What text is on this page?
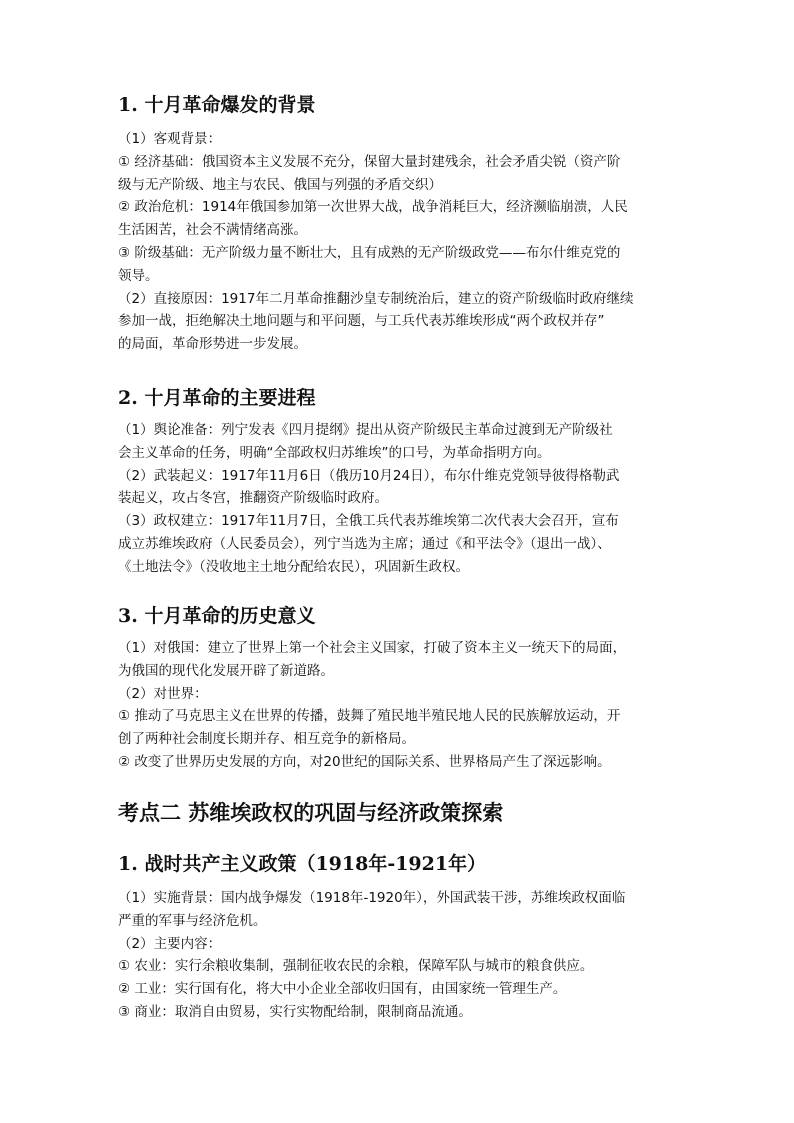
1. 十月革命爆发的背景
（1）客观背景：
① 经济基础：俄国资本主义发展不充分，保留大量封建残余，社会矛盾尖锐（资产阶
级与无产阶级、地主与农民、俄国与列强的矛盾交织）
② 政治危机：1914年俄国参加第一次世界大战，战争消耗巨大，经济濒临崩溃，人民
生活困苦，社会不满情绪高涨。
③ 阶级基础：无产阶级力量不断壮大，且有成熟的无产阶级政党——布尔什维克党的
领导。
（2）直接原因：1917年二月革命推翻沙皇专制统治后，建立的资产阶级临时政府继续
参加一战，拒绝解决土地问题与和平问题，与工兵代表苏维埃形成“两个政权并存”
的局面，革命形势进一步发展。
2. 十月革命的主要进程
（1）舆论准备：列宁发表《四月提纲》提出从资产阶级民主革命过渡到无产阶级社
会主义革命的任务，明确“全部政权归苏维埃”的口号，为革命指明方向。
（2）武装起义：1917年11月6日（俄历10月24日），布尔什维克党领导彼得格勒武
装起义，攻占冬宫，推翻资产阶级临时政府。
（3）政权建立：1917年11月7日，全俄工兵代表苏维埃第二次代表大会召开，宣布
成立苏维埃政府（人民委员会），列宁当选为主席；通过《和平法令》（退出一战）、
《土地法令》（没收地主土地分配给农民），巩固新生政权。
3. 十月革命的历史意义
（1）对俄国：建立了世界上第一个社会主义国家，打破了资本主义一统天下的局面，
为俄国的现代化发展开辟了新道路。
（2）对世界：
① 推动了马克思主义在世界的传播，鼓舞了殖民地半殖民地人民的民族解放运动，开
创了两种社会制度长期并存、相互竞争的新格局。
② 改变了世界历史发展的方向，对20世纪的国际关系、世界格局产生了深远影响。
考点二 苏维埃政权的巩固与经济政策探索
1. 战时共产主义政策（1918年-1921年）
（1）实施背景：国内战争爆发（1918年-1920年），外国武装干涉，苏维埃政权面临
严重的军事与经济危机。
（2）主要内容：
① 农业：实行余粮收集制，强制征收农民的余粮，保障军队与城市的粮食供应。
② 工业：实行国有化，将大中小企业全部收归国有，由国家统一管理生产。
③ 商业：取消自由贸易，实行实物配给制，限制商品流通。
